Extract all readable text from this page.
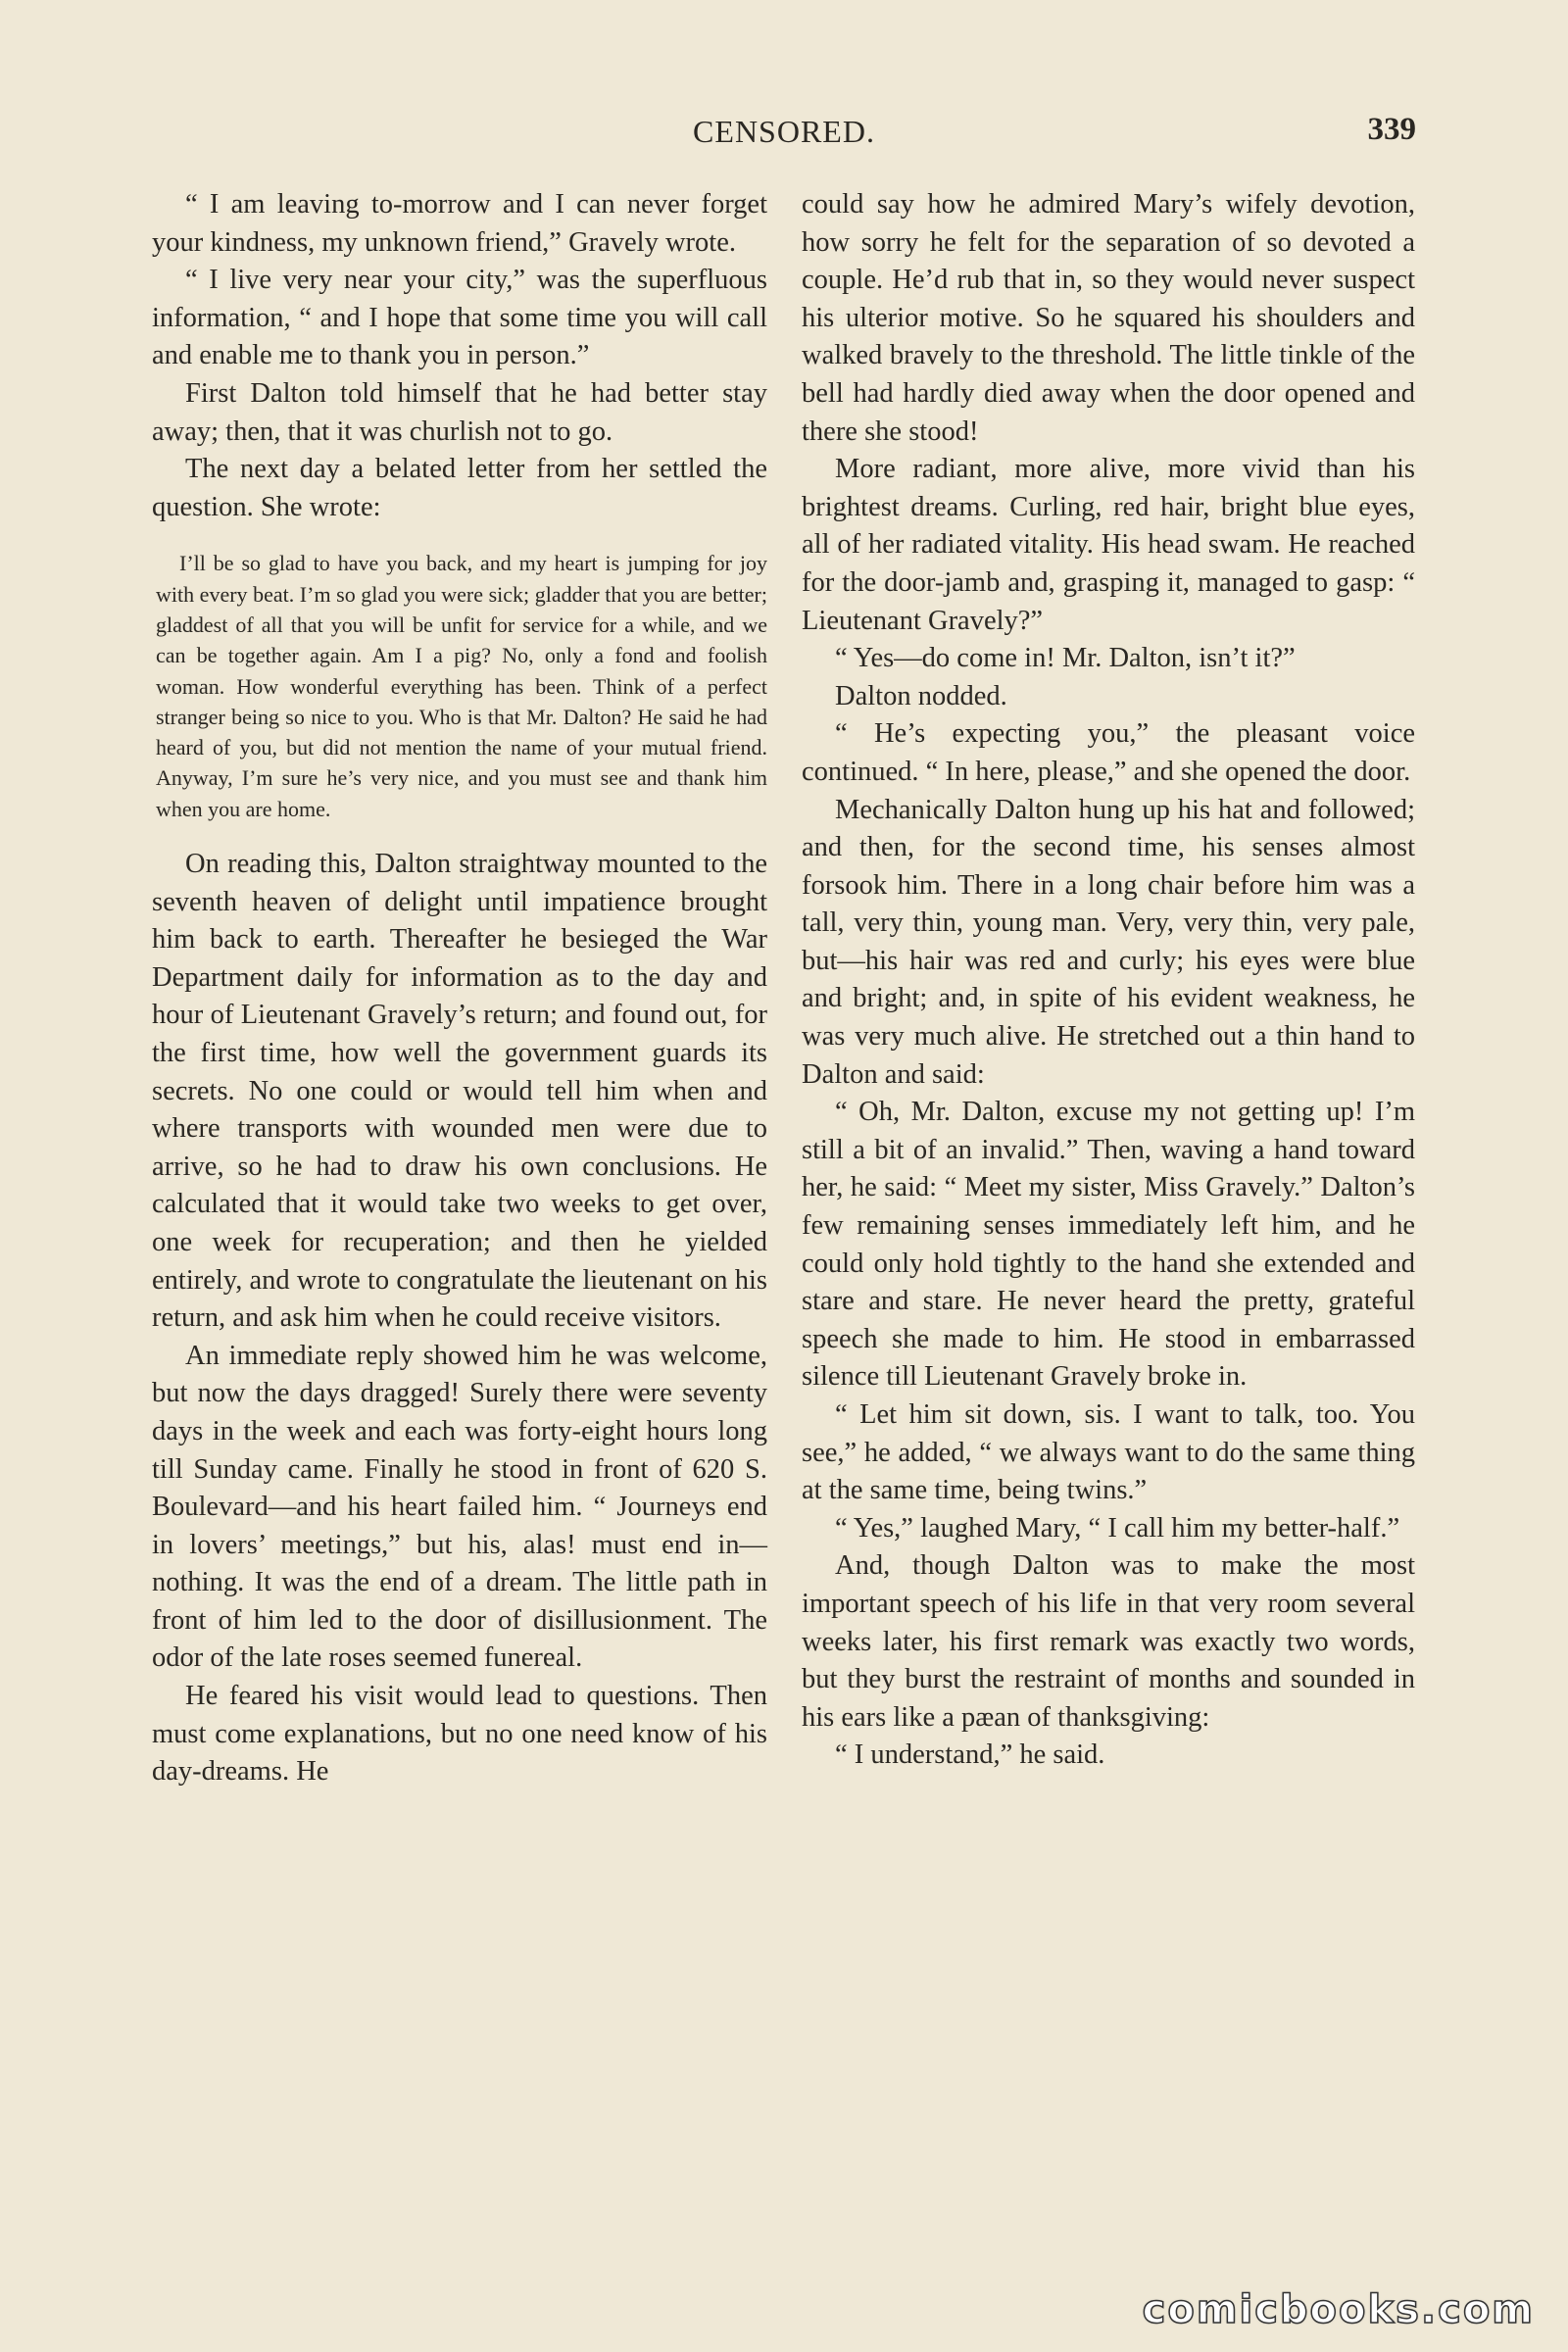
CENSORED.	339

“ I am leaving to-morrow and I can never forget your kindness, my unknown friend,” Gravely wrote.

“ I live very near your city,” was the superfluous information, “ and I hope that some time you will call and enable me to thank you in person.”

First Dalton told himself that he had better stay away; then, that it was churlish not to go.

The next day a belated letter from her settled the question. She wrote:

I’ll be so glad to have you back, and my heart is jumping for joy with every beat. I’m so glad you were sick; gladder that you are better; gladdest of all that you will be unfit for service for a while, and we can be together again. Am I a pig? No, only a fond and foolish woman. How wonderful everything has been. Think of a perfect stranger being so nice to you. Who is that Mr. Dalton? He said he had heard of you, but did not mention the name of your mutual friend. Anyway, I’m sure he’s very nice, and you must see and thank him when you are home.

On reading this, Dalton straightway mounted to the seventh heaven of delight until impatience brought him back to earth. Thereafter he besieged the War Department daily for information as to the day and hour of Lieutenant Gravely’s return; and found out, for the first time, how well the government guards its secrets. No one could or would tell him when and where transports with wounded men were due to arrive, so he had to draw his own conclusions. He calculated that it would take two weeks to get over, one week for recuperation; and then he yielded entirely, and wrote to congratulate the lieutenant on his return, and ask him when he could receive visitors.

An immediate reply showed him he was welcome, but now the days dragged! Surely there were seventy days in the week and each was forty-eight hours long till Sunday came. Finally he stood in front of 620 S. Boulevard—and his heart failed him. “ Journeys end in lovers’ meetings,” but his, alas! must end in—nothing. It was the end of a dream. The little path in front of him led to the door of disillusionment. The odor of the late roses seemed funereal.

He feared his visit would lead to questions. Then must come explanations, but no one need know of his day-dreams. He

could say how he admired Mary’s wifely devotion, how sorry he felt for the separation of so devoted a couple. He’d rub that in, so they would never suspect his ulterior motive. So he squared his shoulders and walked bravely to the threshold. The little tinkle of the bell had hardly died away when the door opened and there she stood!

More radiant, more alive, more vivid than his brightest dreams. Curling, red hair, bright blue eyes, all of her radiated vitality. His head swam. He reached for the door-jamb and, grasping it, managed to gasp: “ Lieutenant Gravely?”

“ Yes—do come in! Mr. Dalton, isn’t it?”

Dalton nodded.

“ He’s expecting you,” the pleasant voice continued. “ In here, please,” and she opened the door.

Mechanically Dalton hung up his hat and followed; and then, for the second time, his senses almost forsook him. There in a long chair before him was a tall, very thin, young man. Very, very thin, very pale, but—his hair was red and curly; his eyes were blue and bright; and, in spite of his evident weakness, he was very much alive. He stretched out a thin hand to Dalton and said:

“ Oh, Mr. Dalton, excuse my not getting up! I’m still a bit of an invalid.” Then, waving a hand toward her, he said: “ Meet my sister, Miss Gravely.” Dalton’s few remaining senses immediately left him, and he could only hold tightly to the hand she extended and stare and stare. He never heard the pretty, grateful speech she made to him. He stood in embarrassed silence till Lieutenant Gravely broke in.

“ Let him sit down, sis. I want to talk, too. You see,” he added, “ we always want to do the same thing at the same time, being twins.”

“ Yes,” laughed Mary, “ I call him my better-half.”

And, though Dalton was to make the most important speech of his life in that very room several weeks later, his first remark was exactly two words, but they burst the restraint of months and sounded in his ears like a pæan of thanksgiving:

“ I understand,” he said.

comicbooks.com
